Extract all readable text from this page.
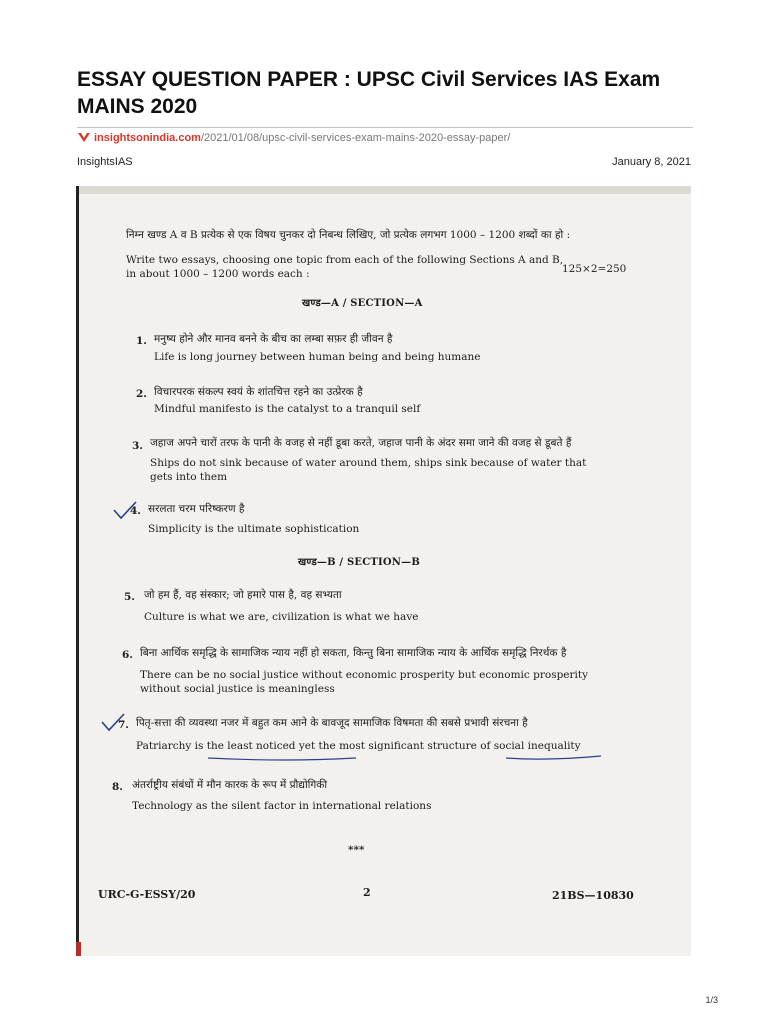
ESSAY QUESTION PAPER : UPSC Civil Services IAS Exam MAINS 2020
insightsonindia.com /2021/01/08/upsc-civil-services-exam-mains-2020-essay-paper/
InsightsIAS	January 8, 2021
निम्न खण्ड A व B प्रत्येक से एक विषय चुनकर दो निबन्ध लिखिए, जो प्रत्येक लगभग 1000 – 1200 शब्दों का हो :
Write two essays, choosing one topic from each of the following Sections A and B,
in about 1000 – 1200 words each :	125×2=250
खण्ड—A / SECTION—A
1. मनुष्य होने और मानव बनने के बीच का लम्बा सफ़र ही जीवन है
Life is long journey between human being and being humane
2. विचारपरक संकल्प स्वयं के शांतचित्त रहने का उत्प्रेरक है
Mindful manifesto is the catalyst to a tranquil self
3. जहाज अपने चारों तरफ के पानी के वजह से नहीं डूबा करते, जहाज पानी के अंदर समा जाने की वजह से डूबते हैं
Ships do not sink because of water around them, ships sink because of water that
gets into them
4. सरलता चरम परिष्करण है
Simplicity is the ultimate sophistication
खण्ड—B / SECTION—B
5. जो हम हैं, वह संस्कार; जो हमारे पास है, वह सभ्यता
Culture is what we are, civilization is what we have
6. बिना आर्थिक समृद्धि के सामाजिक न्याय नहीं हो सकता, किन्तु बिना सामाजिक न्याय के आर्थिक समृद्धि निरर्थक है
There can be no social justice without economic prosperity but economic prosperity
without social justice is meaningless
7. पितृ-सत्ता की व्यवस्था नजर में बहुत कम आने के बावजूद सामाजिक विषमता की सबसे प्रभावी संरचना है
Patriarchy is the least noticed yet the most significant structure of social inequality
8. अंतर्राष्ट्रीय संबंधों में मौन कारक के रूप में प्रौद्योगिकी
Technology as the silent factor in international relations
***
URC-G-ESSY/20	2	21BS—10830
1/3
